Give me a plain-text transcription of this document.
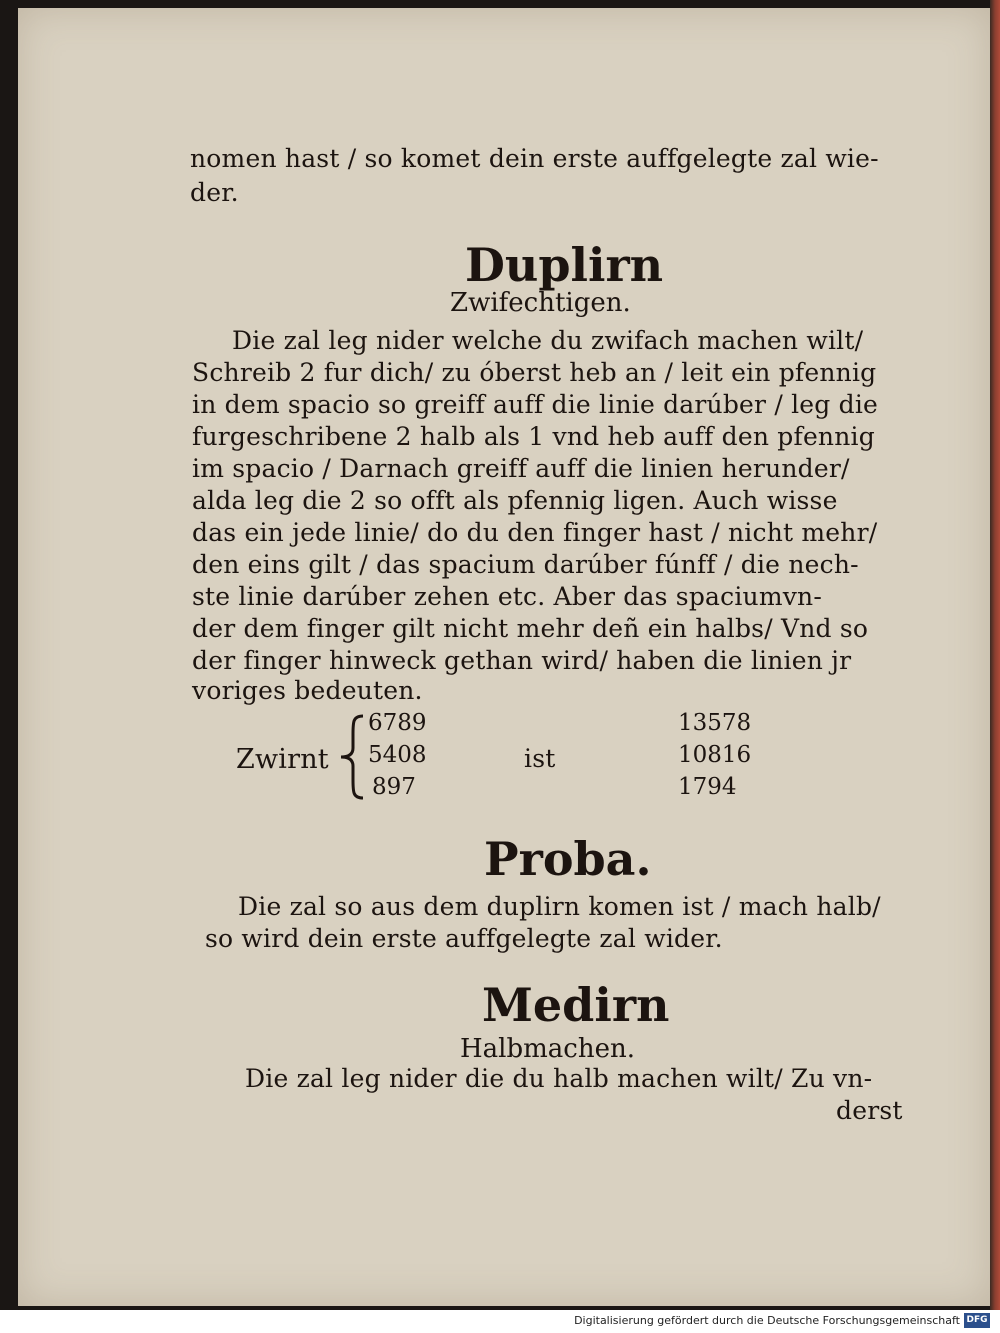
nomen hast / so komet dein erste auffgelegte zal wie-
der.
Duplirn
Zwifechtigen.
Die zal leg nider welche du zwifach machen wilt/
Schreib 2 fur dich/ zu óberst heb an / leit ein pfennig
in dem spacio so greiff auff die linie darúber / leg die
furgeschribene 2 halb als 1 vnd heb auff den pfennig
im spacio / Darnach greiff auff die linien herunder/
alda leg die 2 so offt als pfennig ligen. Auch wisse
das ein jede linie/ do du den finger hast / nicht mehr/
den eins gilt / das spacium darúber fúnff / die nech-
ste linie darúber zehen etc. Aber das spaciumvn-
der dem finger gilt nicht mehr deñ ein halbs/ Vnd so
der finger hinweck gethan wird/ haben die linien jr
voriges bedeuten.
Zwirnt
6789
5408
897
ist
13578
10816
1794
Proba.
Die zal so aus dem duplirn komen ist / mach halb/
so wird dein erste auffgelegte zal wider.
Medirn
Halbmachen.
Die zal leg nider die du halb machen wilt/ Zu vn-
derst
Digitalisierung gefördert durch die Deutsche Forschungsgemeinschaft DFG
